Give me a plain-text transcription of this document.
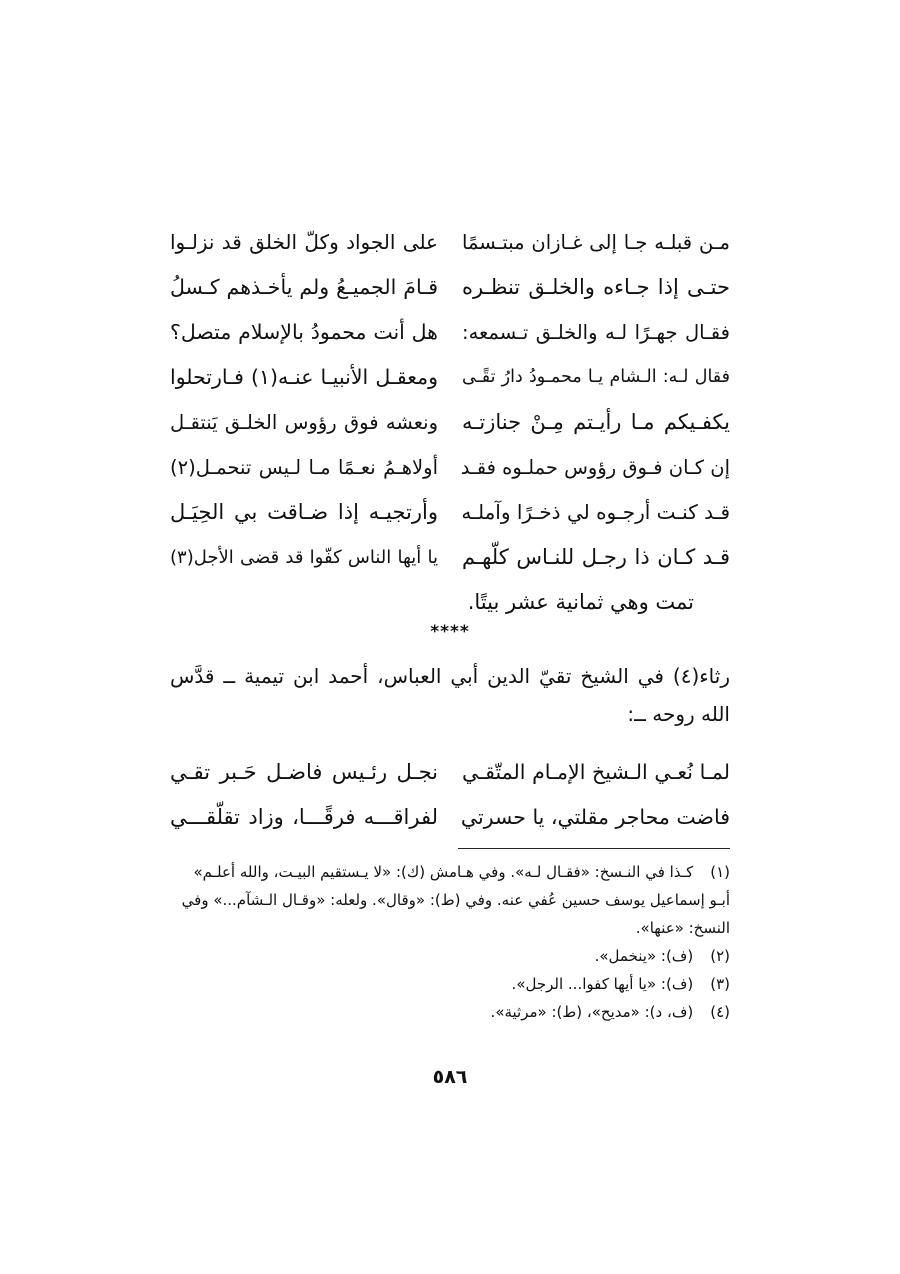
مـن قبلـه جـا إلى غـازان مبتـسمًا
على الجواد وكلّ الخلق قد نزلـوا
حتـى إذا جـاءه والخلـق تنظـره
قـامَ الجميـعُ ولم يأخـذهم كـسلُ
فقـال جهـرًا لـه والخلـق تـسمعه:
هل أنت محمودُ بالإسلام متصل؟
فقال لـه: الـشام يـا محمـودُ دارُ تقًـى
ومعقـل الأنبيـا عنـه(١) فـارتحلوا
يكفـيكم مـا رأيـتم مِـنْ جنازتـه
ونعشه فوق رؤوس الخلـق يَنتقـل
إن كـان فـوق رؤوس حملـوه فقـد
أولاهـمُ نعـمًا مـا لـيس تنحمـل(٢)
قـد كنـت أرجـوه لي ذخـرًا وآملـه
وأرتجيـه إذا ضـاقت بي الحِيَـل
قـد كـان ذا رجـل للنـاس كلّهـم
يا أيها الناس كفّوا قد قضى الأجل(٣)
تمت وهي ثمانية عشر بيتًا.
****
رثاء(٤) في الشيخ تقيّ الدين أبي العباس، أحمد ابن تيمية ــ قدَّس الله روحه ــ:
لمـا نُعـي الـشيخ الإمـام المتّقـي
نجـل رئـيس فاضـل حَـبر تقـي
فاضت محاجر مقلتي، يا حسرتي
لفراقـــه فرقًـــا، وزاد تقلّقـــي
(١) كـذا في النـسخ: «فقـال لـه». وفي هـامش (ك): «لا يـستقيم البيـت، والله أعلـم» أبـو إسماعيل يوسف حسين عُفي عنه. وفي (ط): «وقال». ولعله: «وقـال الـشآم...» وفي النسخ: «عنها».
(٢) (ف): «ينخمل».
(٣) (ف): «يا أيها كفوا... الرجل».
(٤) (ف، د): «مديح»، (ط): «مرثية».
٥٨٦
